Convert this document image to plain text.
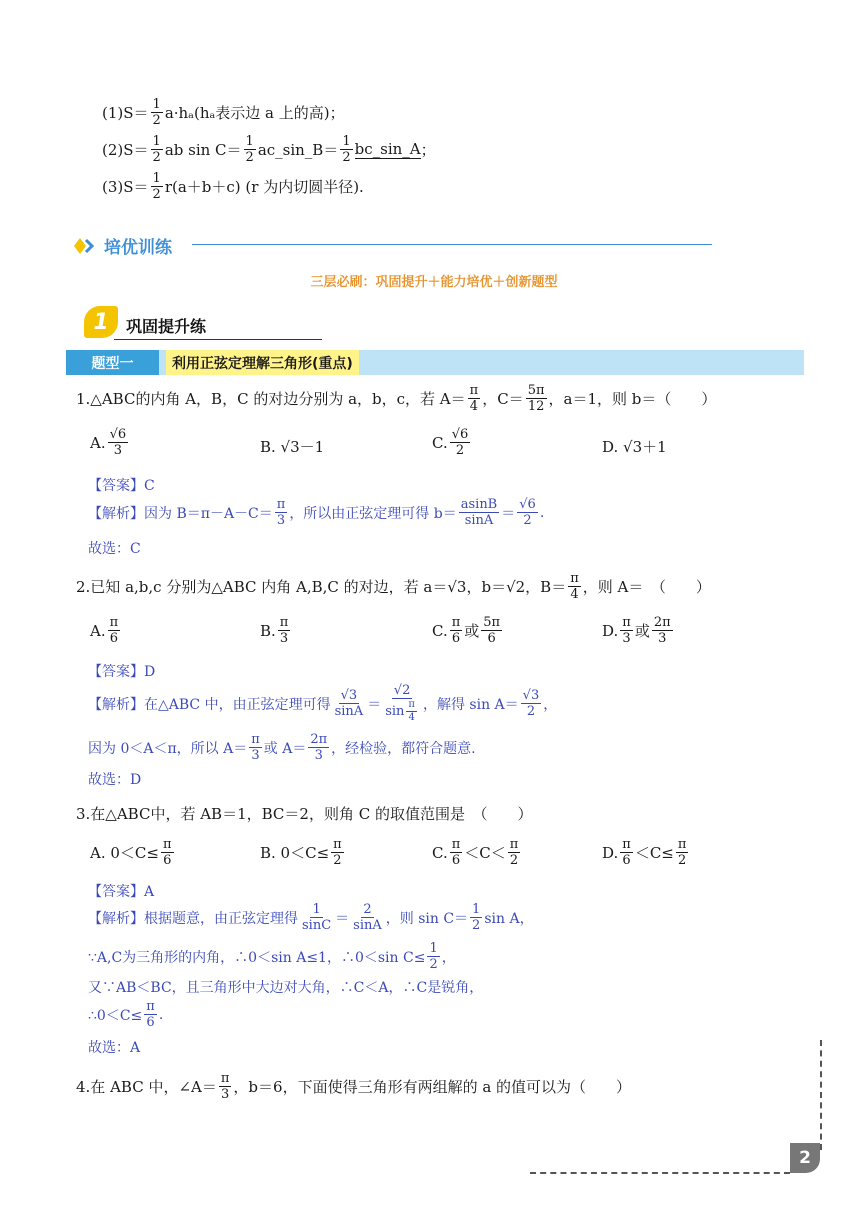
$(1)S= \frac{1}{2} a\cdot h_a(h_a$表示边 a 上的高)；
$(2)S= \frac{1}{2}$ ab $\sin C= \frac{1}{2}$ ac_sin_B＝ $\frac{1}{2}$ bc_sin_A ；
$(3)S= \frac{1}{2} r(a+b+c)$ (r 为内切圆半径).
培优训练
三层必刷：巩固提升＋能力培优＋创新题型
1	巩固提升练
题型一	利用正弦定理解三角形(重点)
1.△ABC的内角 A，B，C 的对边分别为 a，b，c，若 $A= \frac{\pi}{4}$ ，$C= \frac{5\pi}{12}$ ，a＝1，则 b＝（　　）
A. $\frac{√6}{3}$	B. √3－1	C. $\frac{√6}{2}$	D. √3＋1
【答案】C
【解析】因为 $B=\pi-A-C= \frac{\pi}{3}$ ，所以由正弦定理可得 $b= \frac{asinB}{\sin A} = \frac{√6}{2}$ .
故选：C
2.已知 a,b,c 分别为△ABC 内角 A,B,C 的对边，若 a＝√3，b＝√2，$B= \frac{\pi}{4}$ ，则 A＝　（　　）
A. $\frac{\pi}{6}$	B. $\frac{\pi}{3}$	C. $\frac{\pi}{6}$ 或 $\frac{5\pi}{6}$	D. $\frac{\pi}{3}$ 或 $\frac{2\pi}{3}$
【答案】D
【解析】在△ABC 中，由正弦定理可得 $\frac{√3}{\sin A} = \frac{√2}{\sin \frac{\pi}{4}}$ ，解得 $\sin A= \frac{√3}{2}$ ，
因为 0＜A＜π，所以 $A= \frac{\pi}{3}$ 或 $A= \frac{2\pi}{3}$ ，经检验，都符合题意.
故选：D
3.在△ABC中，若 AB＝1，BC＝2，则角 C 的取值范围是　（　　）
A. $0<C\le \frac{\pi}{6}$	B. $0<C\le \frac{\pi}{2}$	C. $\frac{\pi}{6} <C< \frac{\pi}{2}$	D. $\frac{\pi}{6} <C\le \frac{\pi}{2}$
【答案】A
【解析】根据题意，由正弦定理得 $\frac{1}{\sin C} = \frac{2}{\sin A}$ ，则 $\sin C= \frac{1}{2}$ sin A，
∵A,C为三角形的内角，∴0＜sin A≤1，∴0＜sin $C\le \frac{1}{2}$ ，
又∵AB＜BC，且三角形中大边对大角，∴C＜A，∴C是锐角，
∴0＜C≤ $\frac{\pi}{6}$ .
故选：A
4.在 ABC 中，∠A＝ $\frac{\pi}{3}$ ，b＝6，下面使得三角形有两组解的 a 的值可以为（　　）
2
